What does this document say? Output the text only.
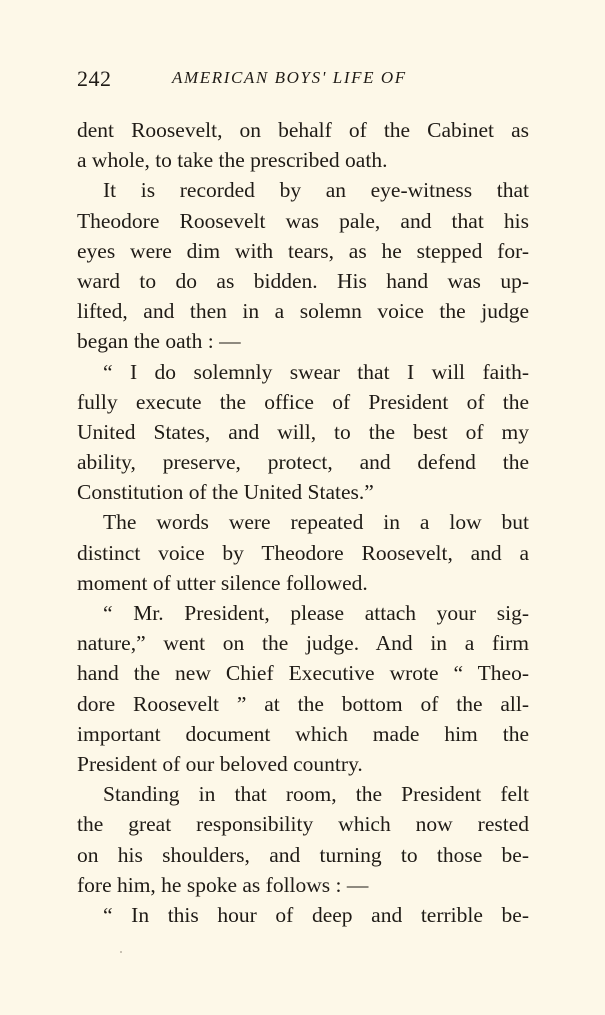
242	AMERICAN BOYS' LIFE OF
dent Roosevelt, on behalf of the Cabinet as
a whole, to take the prescribed oath.
It is recorded by an eye-witness that
Theodore Roosevelt was pale, and that his
eyes were dim with tears, as he stepped for-
ward to do as bidden. His hand was up-
lifted, and then in a solemn voice the judge
began the oath : —
“ I do solemnly swear that I will faith-
fully execute the office of President of the
United States, and will, to the best of my
ability, preserve, protect, and defend the
Constitution of the United States.”
The words were repeated in a low but
distinct voice by Theodore Roosevelt, and a
moment of utter silence followed.
“ Mr. President, please attach your sig-
nature,” went on the judge. And in a firm
hand the new Chief Executive wrote “ Theo-
dore Roosevelt ” at the bottom of the all-
important document which made him the
President of our beloved country.
Standing in that room, the President felt
the great responsibility which now rested
on his shoulders, and turning to those be-
fore him, he spoke as follows : —
“ In this hour of deep and terrible be-
